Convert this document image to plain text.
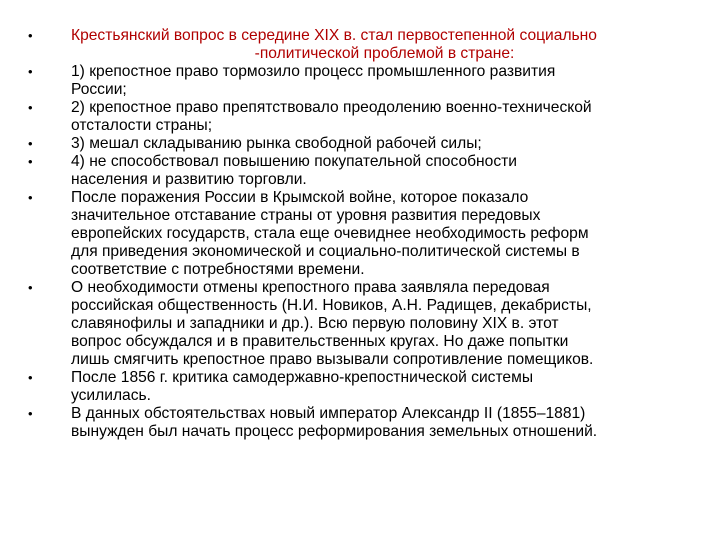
•	Крестьянский вопрос в середине XIX в. стал первостепенной социально
-политической проблемой в стране:
•	1) крепостное право тормозило процесс промышленного развития
России;
•	2) крепостное право препятствовало преодолению военно-технической
отсталости страны;
•	3) мешал складыванию рынка свободной рабочей силы;
•	4) не способствовал повышению покупательной способности
населения и развитию торговли.
•	После поражения России в Крымской войне, которое показало
значительное отставание страны от уровня развития передовых
европейских государств, стала еще очевиднее необходимость реформ
для приведения экономической и социально-политической системы в
соответствие с потребностями времени.
•	О необходимости отмены крепостного права заявляла передовая
российская общественность (Н.И. Новиков, А.Н. Радищев, декабристы,
славянофилы и западники и др.). Всю первую половину XIX в. этот
вопрос обсуждался и в правительственных кругах. Но даже попытки
лишь смягчить крепостное право вызывали сопротивление помещиков.
•	После 1856 г. критика самодержавно-крепостнической системы
усилилась.
•	В данных обстоятельствах новый император Александр II (1855–1881)
вынужден был начать процесс реформирования земельных отношений.
